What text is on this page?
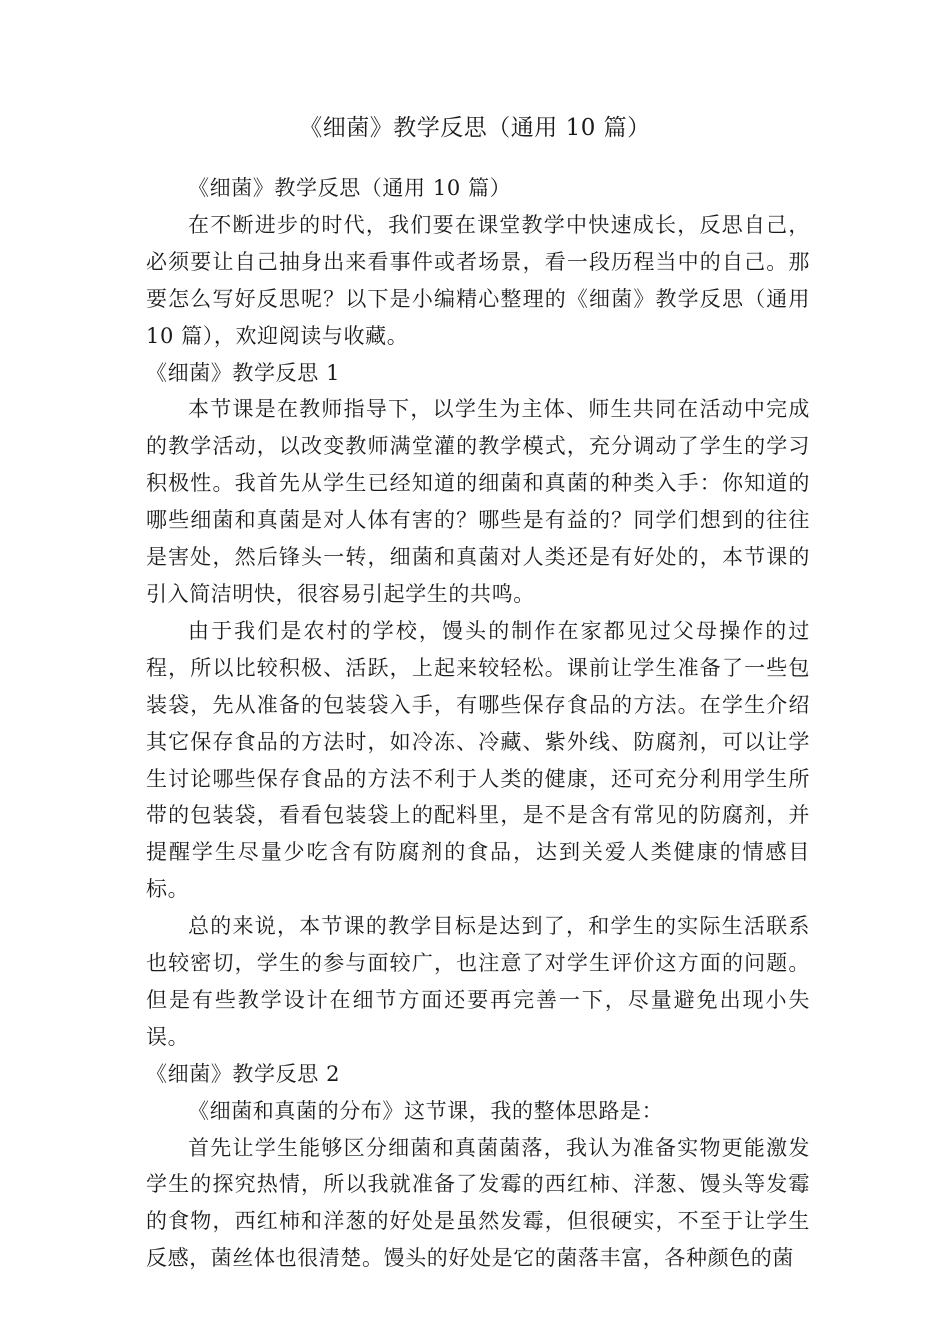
《细菌》教学反思（通用 10 篇）

《细菌》教学反思（通用 10 篇）

在不断进步的时代，我们要在课堂教学中快速成长，反思自己，必须要让自己抽身出来看事件或者场景，看一段历程当中的自己。那要怎么写好反思呢？以下是小编精心整理的《细菌》教学反思（通用 10 篇），欢迎阅读与收藏。

《细菌》教学反思 1

本节课是在教师指导下，以学生为主体、师生共同在活动中完成的教学活动，以改变教师满堂灌的教学模式，充分调动了学生的学习积极性。我首先从学生已经知道的细菌和真菌的种类入手：你知道的哪些细菌和真菌是对人体有害的？哪些是有益的？同学们想到的往往是害处，然后锋头一转，细菌和真菌对人类还是有好处的，本节课的引入简洁明快，很容易引起学生的共鸣。

由于我们是农村的学校，馒头的制作在家都见过父母操作的过程，所以比较积极、活跃，上起来较轻松。课前让学生准备了一些包装袋，先从准备的包装袋入手，有哪些保存食品的方法。在学生介绍其它保存食品的方法时，如冷冻、冷藏、紫外线、防腐剂，可以让学生讨论哪些保存食品的方法不利于人类的健康，还可充分利用学生所带的包装袋，看看包装袋上的配料里，是不是含有常见的防腐剂，并提醒学生尽量少吃含有防腐剂的食品，达到关爱人类健康的情感目标。

总的来说，本节课的教学目标是达到了，和学生的实际生活联系也较密切，学生的参与面较广，也注意了对学生评价这方面的问题。但是有些教学设计在细节方面还要再完善一下，尽量避免出现小失误。

《细菌》教学反思 2

《细菌和真菌的分布》这节课，我的整体思路是：

首先让学生能够区分细菌和真菌菌落，我认为准备实物更能激发学生的探究热情，所以我就准备了发霉的西红柿、洋葱、馒头等发霉的食物，西红柿和洋葱的好处是虽然发霉，但很硬实，不至于让学生反感，菌丝体也很清楚。馒头的好处是它的菌落丰富，各种颜色的菌
